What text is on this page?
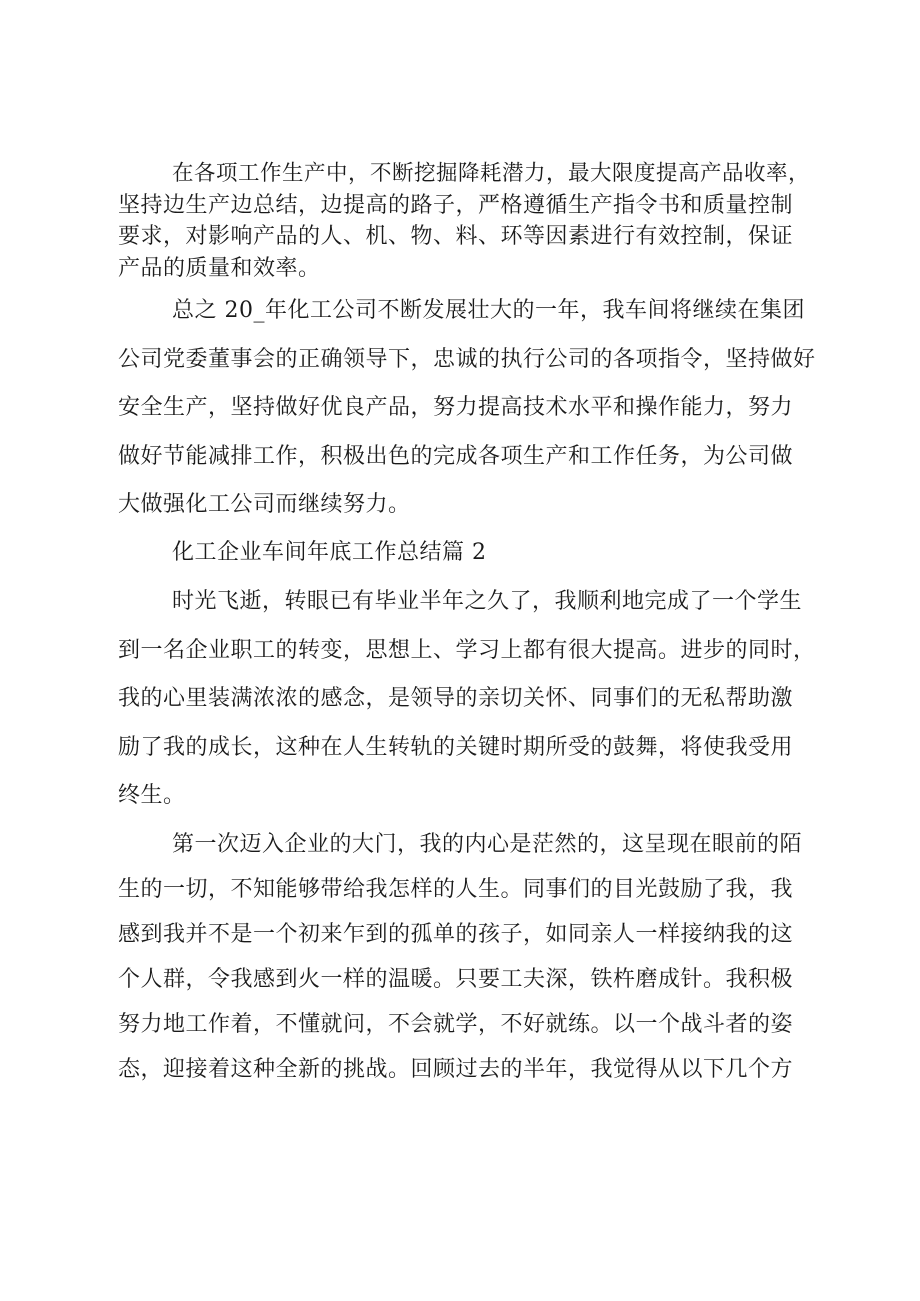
在各项工作生产中，不断挖掘降耗潜力，最大限度提高产品收率，
坚持边生产边总结，边提高的路子，严格遵循生产指令书和质量控制
要求，对影响产品的人、机、物、料、环等因素进行有效控制，保证
产品的质量和效率。

总之 20_年化工公司不断发展壮大的一年，我车间将继续在集团
公司党委董事会的正确领导下，忠诚的执行公司的各项指令，坚持做好
安全生产，坚持做好优良产品，努力提高技术水平和操作能力，努力
做好节能减排工作，积极出色的完成各项生产和工作任务，为公司做
大做强化工公司而继续努力。

化工企业车间年底工作总结篇 2

时光飞逝，转眼已有毕业半年之久了，我顺利地完成了一个学生
到一名企业职工的转变，思想上、学习上都有很大提高。进步的同时，
我的心里装满浓浓的感念，是领导的亲切关怀、同事们的无私帮助激
励了我的成长，这种在人生转轨的关键时期所受的鼓舞，将使我受用
终生。

第一次迈入企业的大门，我的内心是茫然的，这呈现在眼前的陌
生的一切，不知能够带给我怎样的人生。同事们的目光鼓励了我，我
感到我并不是一个初来乍到的孤单的孩子，如同亲人一样接纳我的这
个人群，令我感到火一样的温暖。只要工夫深，铁杵磨成针。我积极
努力地工作着，不懂就问，不会就学，不好就练。以一个战斗者的姿
态，迎接着这种全新的挑战。回顾过去的半年，我觉得从以下几个方
